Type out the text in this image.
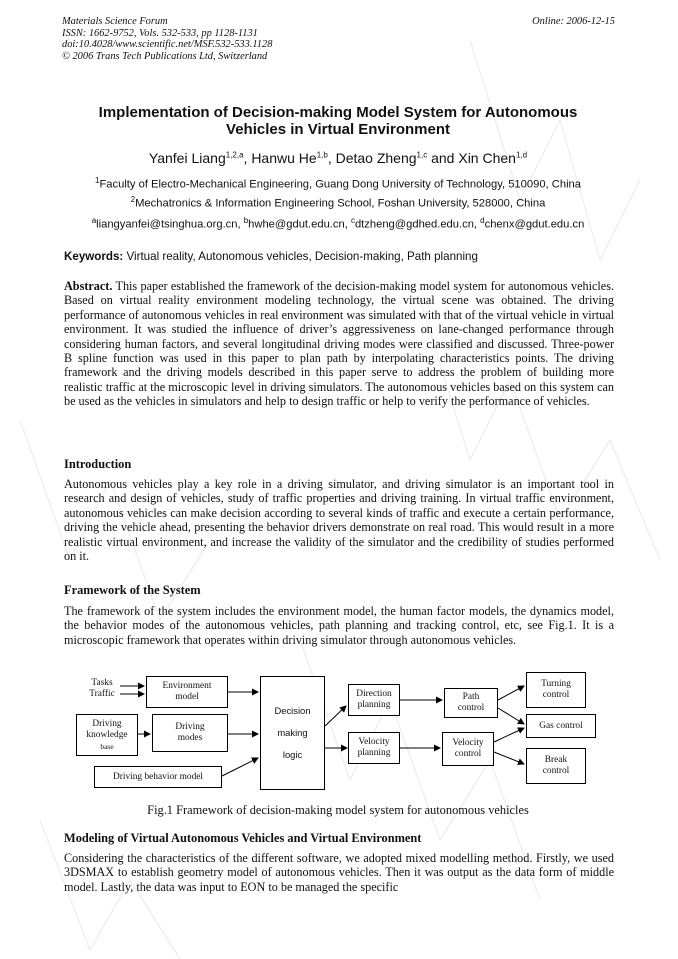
Materials Science Forum
ISSN: 1662-9752, Vols. 532-533, pp 1128-1131
doi:10.4028/www.scientific.net/MSF.532-533.1128
© 2006 Trans Tech Publications Ltd, Switzerland
Online: 2006-12-15
Implementation of Decision-making Model System for Autonomous
Vehicles in Virtual Environment
Yanfei Liang$^{1,2,a}$, Hanwu He$^{1,b}$, Detao Zheng$^{1,c}$ and Xin Chen$^{1,d}$
$^1$Faculty of Electro-Mechanical Engineering, Guang Dong University of Technology, 510090, China
$^2$Mechatronics & Information Engineering School, Foshan University, 528000, China
$^a$liangyanfei@tsinghua.org.cn, $^b$hwhe@gdut.edu.cn, $^c$dtzheng@gdhed.edu.cn, $^d$chenx@gdut.edu.cn
Keywords: Virtual reality, Autonomous vehicles, Decision-making, Path planning
Abstract. This paper established the framework of the decision-making model system for autonomous vehicles. Based on virtual reality environment modeling technology, the virtual scene was obtained. The driving performance of autonomous vehicles in real environment was simulated with that of the virtual vehicle in virtual environment. It was studied the influence of driver’s aggressiveness on lane-changed performance through considering human factors, and several longitudinal driving modes were classified and discussed. Three-power B spline function was used in this paper to plan path by interpolating characteristics points. The driving framework and the driving models described in this paper serve to address the problem of building more realistic traffic at the microscopic level in driving simulators. The autonomous vehicles based on this system can be used as the vehicles in simulators and help to design traffic or help to verify the performance of vehicles.
Introduction
Autonomous vehicles play a key role in a driving simulator, and driving simulator is an important tool in research and design of vehicles, study of traffic properties and driving training. In virtual traffic environment, autonomous vehicles can make decision according to several kinds of traffic and execute a certain performance, driving the vehicle ahead, presenting the behavior drivers demonstrate on real road. This would result in a more realistic virtual environment, and increase the validity of the simulator and the credibility of studies performed on it.
Framework of the System
The framework of the system includes the environment model, the human factor models, the dynamics model, the behavior modes of the autonomous vehicles, path planning and tracking control, etc, see Fig.1. It is a microscopic framework that operates within driving simulator through autonomous vehicles.
Tasks
Traffic
Environment
model
Driving
knowledge
base
Driving
modes
Driving behavior model
Decision
making
logic
Direction
planning
Velocity
planning
Path
control
Velocity
control
Turning
control
Gas control
Break
control
Fig.1 Framework of decision-making model system for autonomous vehicles
Modeling of Virtual Autonomous Vehicles and Virtual Environment
Considering the characteristics of the different software, we adopted mixed modelling method. Firstly, we used 3DSMAX to establish geometry model of autonomous vehicles. Then it was output as the data form of middle model. Lastly, the data was input to EON to be managed the specific
